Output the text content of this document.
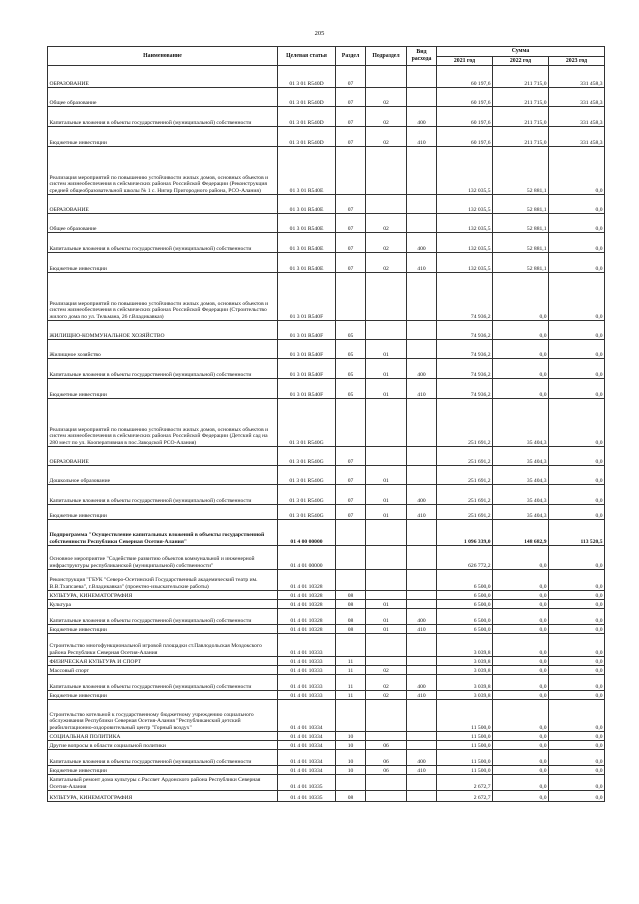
205
Наименование	Целевая статья	Раздел	Подраздел	Вид расхода	Сумма		
					2021 год	2022 год	2023 год
ОБРАЗОВАНИЕ	01 3 01 R540D	07			60 197,6	211 715,0	331 458,3
Общее образование	01 3 01 R540D	07	02		60 197,6	211 715,0	331 458,3
Капитальные вложения в объекты государственной (муниципальной) собственности	01 3 01 R540D	07	02	400	60 197,6	211 715,0	331 458,3
Бюджетные инвестиции	01 3 01 R540D	07	02	410	60 197,6	211 715,0	331 458,3
Реализация мероприятий по повышению устойчивости жилых домов, основных объектов и систем жизнеобеспечения в сейсмических районах Российской Федерации (Реконструкция средней общеобразовательной школы № 1 с. Нигир Пригородного района, РСО-Алания)	01 3 01 R540E				132 035,5	52 881,1	0,0
ОБРАЗОВАНИЕ	01 3 01 R540E	07			132 035,5	52 881,1	0,0
Общее образование	01 3 01 R540E	07	02		132 035,5	52 881,1	0,0
Капитальные вложения в объекты государственной (муниципальной) собственности	01 3 01 R540E	07	02	400	132 035,5	52 881,1	0,0
Бюджетные инвестиции	01 3 01 R540E	07	02	410	132 035,5	52 881,1	0,0
Реализация мероприятий по повышению устойчивости жилых домов, основных объектов и систем жизнеобеспечения в сейсмических районах Российской Федерации (Строительство жилого дома по ул. Тельмана, 26 г.Владикавказ)	01 3 01 R540F				74 936,2	0,0	0,0
ЖИЛИЩНО-КОММУНАЛЬНОЕ ХОЗЯЙСТВО	01 3 01 R540F	05			74 936,2	0,0	0,0
Жилищное хозяйство	01 3 01 R540F	05	01		74 936,2	0,0	0,0
Капитальные вложения в объекты государственной (муниципальной) собственности	01 3 01 R540F	05	01	400	74 936,2	0,0	0,0
Бюджетные инвестиции	01 3 01 R540F	05	01	410	74 936,2	0,0	0,0
Реализация мероприятий по повышению устойчивости жилых домов, основных объектов и систем жизнеобеспечения в сейсмических районах Российской Федерации (Детский сад на 280 мест по ул. Кооперативная в пос.Заводской РСО-Алания)	01 3 01 R540G				251 691,2	35 404,3	0,0
ОБРАЗОВАНИЕ	01 3 01 R540G	07			251 691,2	35 404,3	0,0
Дошкольное образование	01 3 01 R540G	07	01		251 691,2	35 404,3	0,0
Капитальные вложения в объекты государственной (муниципальной) собственности	01 3 01 R540G	07	01	400	251 691,2	35 404,3	0,0
Бюджетные инвестиции	01 3 01 R540G	07	01	410	251 691,2	35 404,3	0,0
Подпрограмма "Осуществление капитальных вложений в объекты государственной собственности Республики Северная Осетия-Алания"	01 4 00 00000				1 096 339,0	148 682,9	113 520,5
Основное мероприятие "Содействие развитию объектов коммунальной и инженерной инфраструктуры республиканской (муниципальной) собственности"	01 4 01 00000				626 772,2	0,0	0,0
Реконструкция "ГБУК "Северо-Осетинский Государственный академический театр им. В.В.Тхапсаева", г.Владикавказ" (проектно-изыскательские работы)	01 4 01 10328				6 500,0	0,0	0,0
КУЛЬТУРА, КИНЕМАТОГРАФИЯ	01 4 01 10328	08			6 500,0	0,0	0,0
Культура	01 4 01 10328	08	01		6 500,0	0,0	0,0
Капитальные вложения в объекты государственной (муниципальной) собственности	01 4 01 10328	08	01	400	6 500,0	0,0	0,0
Бюджетные инвестиции	01 4 01 10328	08	01	410	6 500,0	0,0	0,0
Строительство многофункциональной игровой площадки ст.Павлодольская Моздокского района Республики Северная Осетия-Алания	01 4 01 10333				3 039,8	0,0	0,0
ФИЗИЧЕСКАЯ КУЛЬТУРА И СПОРТ	01 4 01 10333	11			3 039,8	0,0	0,0
Массовый спорт	01 4 01 10333	11	02		3 039,8	0,0	0,0
Капитальные вложения в объекты государственной (муниципальной) собственности	01 4 01 10333	11	02	400	3 039,8	0,0	0,0
Бюджетные инвестиции	01 4 01 10333	11	02	410	3 039,8	0,0	0,0
Строительство котельной к государственному бюджетному учреждению социального обслуживания Республики Северная Осетия-Алания "Республиканский детский реабилитационно-оздоровительный центр "Горный воздух"	01 4 01 10334				11 500,0	0,0	0,0
СОЦИАЛЬНАЯ ПОЛИТИКА	01 4 01 10334	10			11 500,0	0,0	0,0
Другие вопросы в области социальной политики	01 4 01 10334	10	06		11 500,0	0,0	0,0
Капитальные вложения в объекты государственной (муниципальной) собственности	01 4 01 10334	10	06	400	11 500,0	0,0	0,0
Бюджетные инвестиции	01 4 01 10334	10	06	410	11 500,0	0,0	0,0
Капитальный ремонт дома культуры с.Рассвет Ардонского района Республики Северная Осетия-Алания	01 4 01 10335				2 672,7	0,0	0,0
КУЛЬТУРА, КИНЕМАТОГРАФИЯ	01 4 01 10335	08			2 672,7	0,0	0,0
